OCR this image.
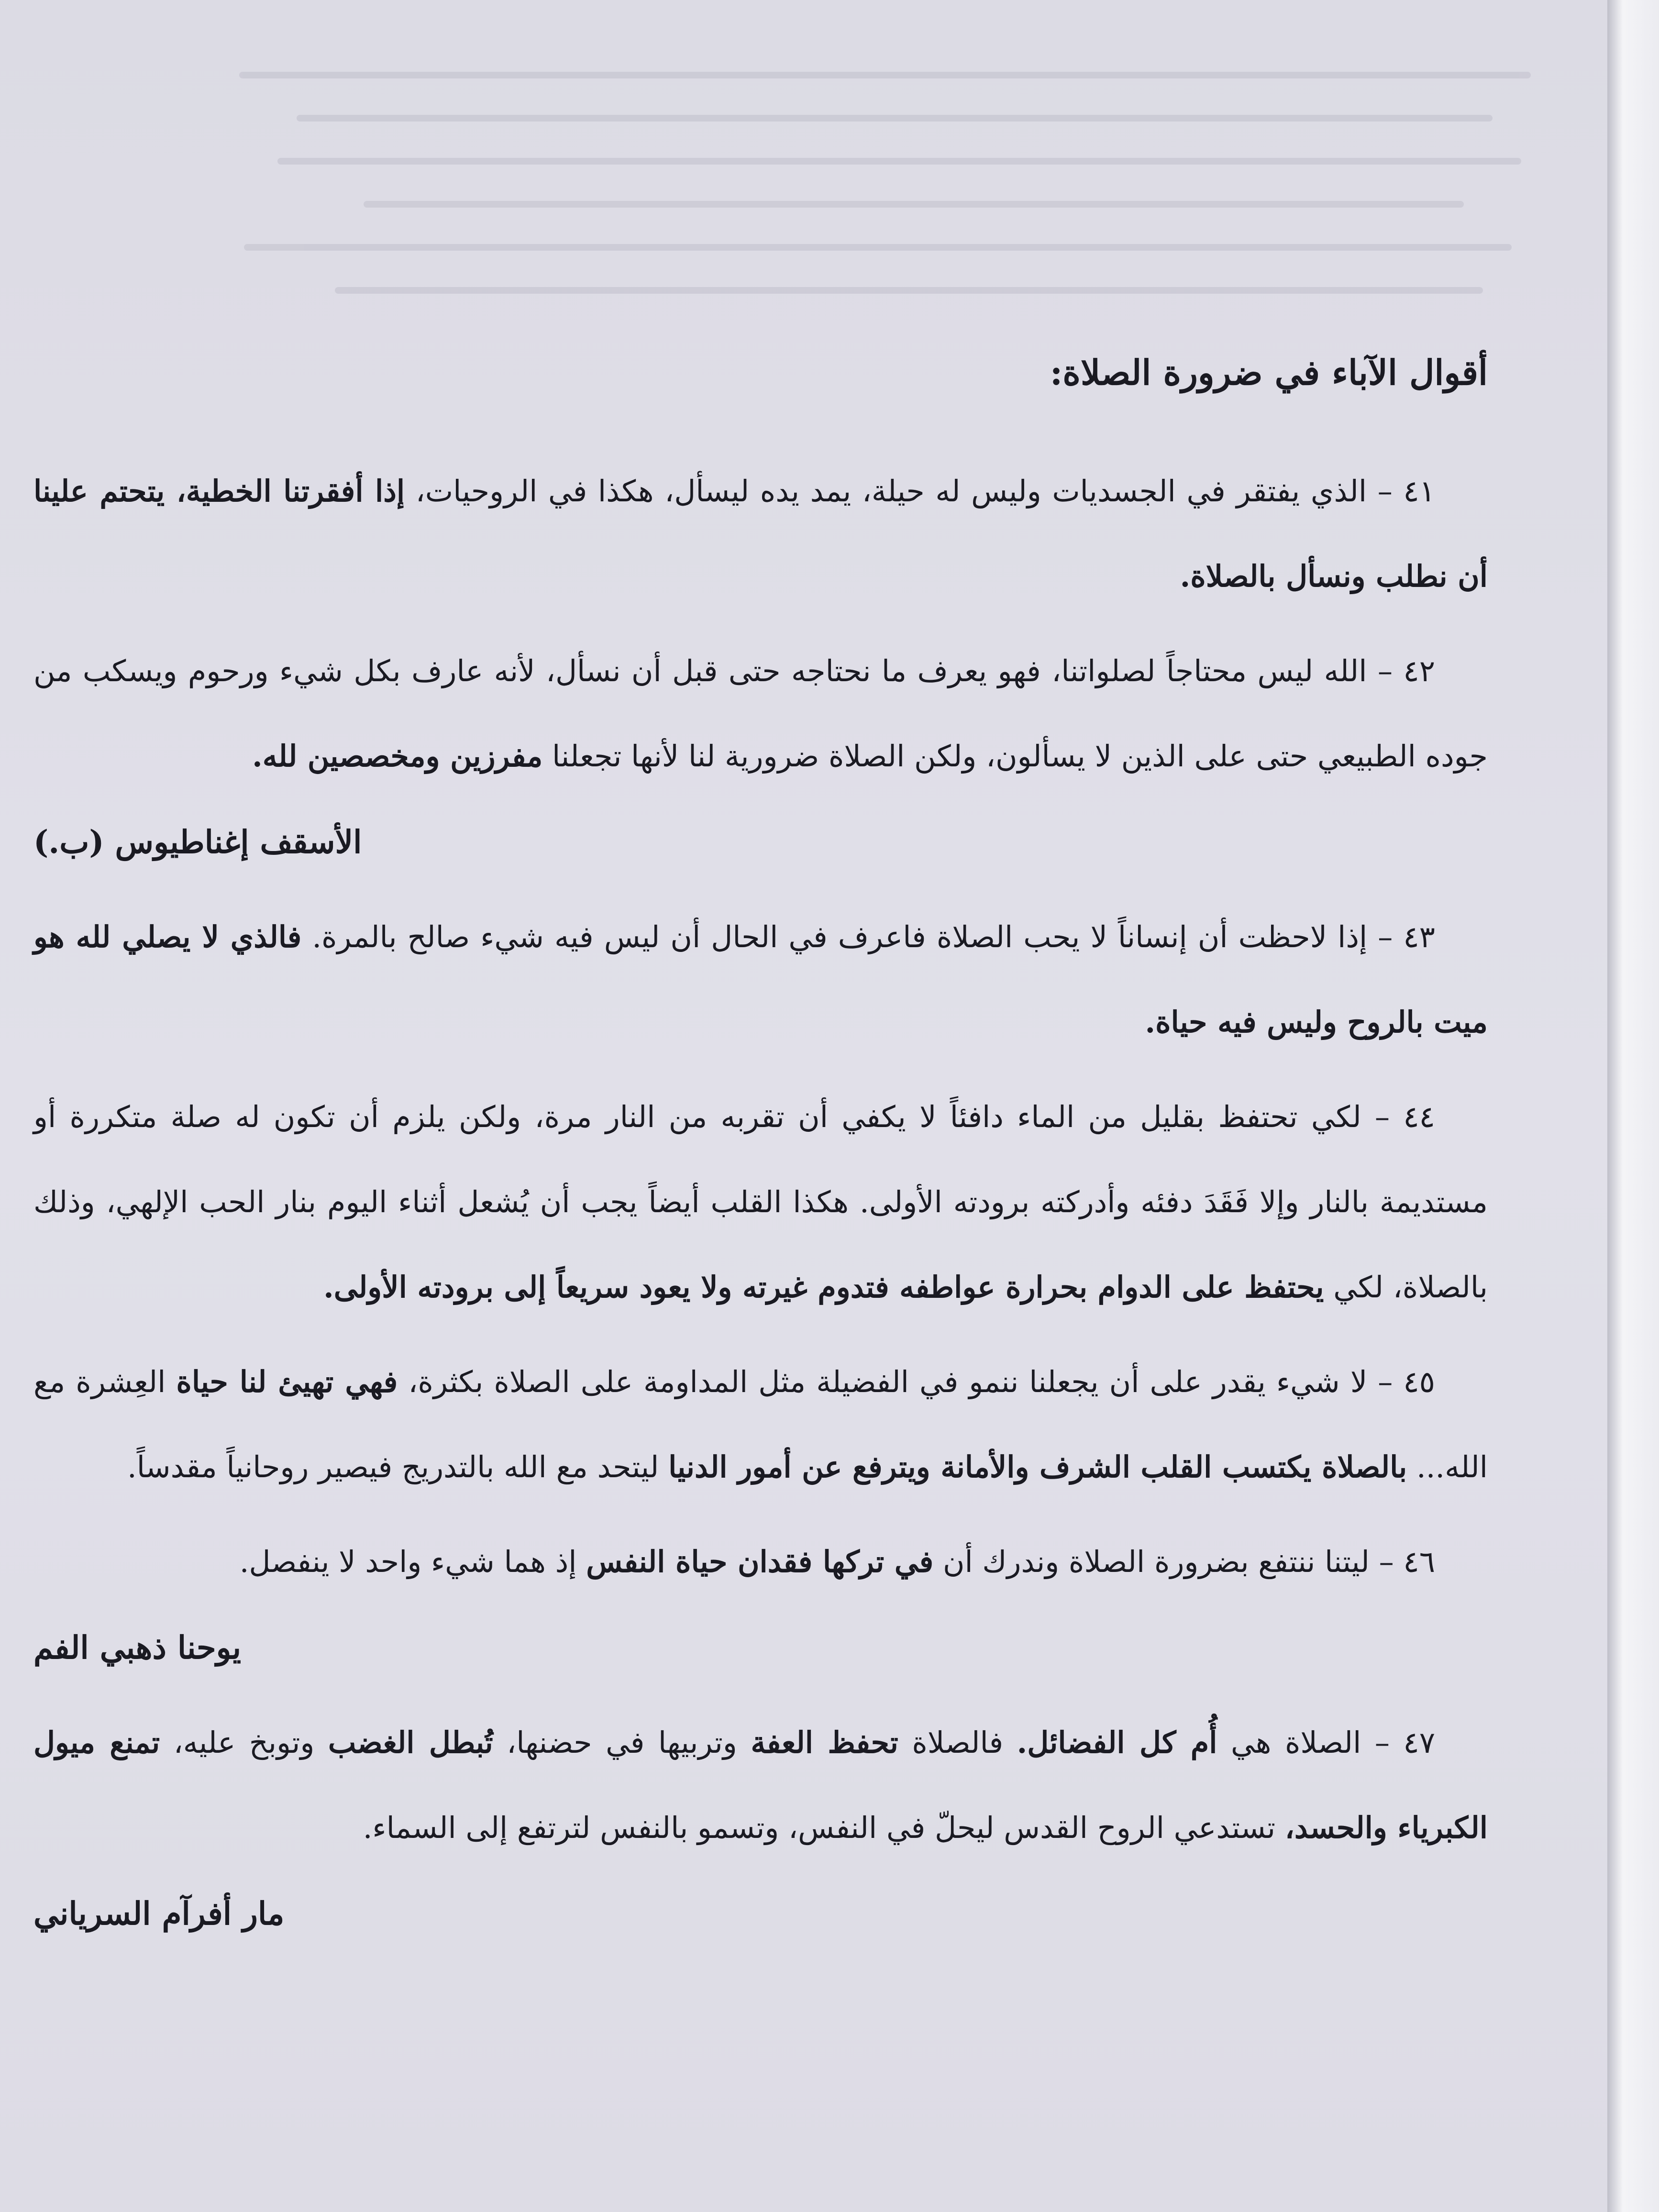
أقوال الآباء في ضرورة الصلاة:

٤١ – الذي يفتقر في الجسديات وليس له حيلة، يمد يده ليسأل، هكذا في الروحيات، إذا أفقرتنا الخطية، يتحتم علينا أن نطلب ونسأل بالصلاة.

٤٢ – الله ليس محتاجاً لصلواتنا، فهو يعرف ما نحتاجه حتى قبل أن نسأل، لأنه عارف بكل شيء ورحوم ويسكب من جوده الطبيعي حتى على الذين لا يسألون، ولكن الصلاة ضرورية لنا لأنها تجعلنا مفرزين ومخصصين لله.

الأسقف إغناطيوس (ب.)

٤٣ – إذا لاحظت أن إنساناً لا يحب الصلاة فاعرف في الحال أن ليس فيه شيء صالح بالمرة. فالذي لا يصلي لله هو ميت بالروح وليس فيه حياة.

٤٤ – لكي تحتفظ بقليل من الماء دافئاً لا يكفي أن تقربه من النار مرة، ولكن يلزم أن تكون له صلة متكررة أو مستديمة بالنار وإلا فَقَدَ دفئه وأدركته برودته الأولى. هكذا القلب أيضاً يجب أن يُشعل أثناء اليوم بنار الحب الإلهي، وذلك بالصلاة، لكي يحتفظ على الدوام بحرارة عواطفه فتدوم غيرته ولا يعود سريعاً إلى برودته الأولى.

٤٥ – لا شيء يقدر على أن يجعلنا ننمو في الفضيلة مثل المداومة على الصلاة بكثرة، فهي تهيئ لنا حياة العِشرة مع الله... بالصلاة يكتسب القلب الشرف والأمانة ويترفع عن أمور الدنيا ليتحد مع الله بالتدريج فيصير روحانياً مقدساً.

٤٦ – ليتنا ننتفع بضرورة الصلاة وندرك أن في تركها فقدان حياة النفس إذ هما شيء واحد لا ينفصل.

يوحنا ذهبي الفم

٤٧ – الصلاة هي أُم كل الفضائل. فالصلاة تحفظ العفة وتربيها في حضنها، تُبطل الغضب وتوبخ عليه، تمنع ميول الكبرياء والحسد، تستدعي الروح القدس ليحلّ في النفس، وتسمو بالنفس لترتفع إلى السماء.

مار أفرآم السرياني
